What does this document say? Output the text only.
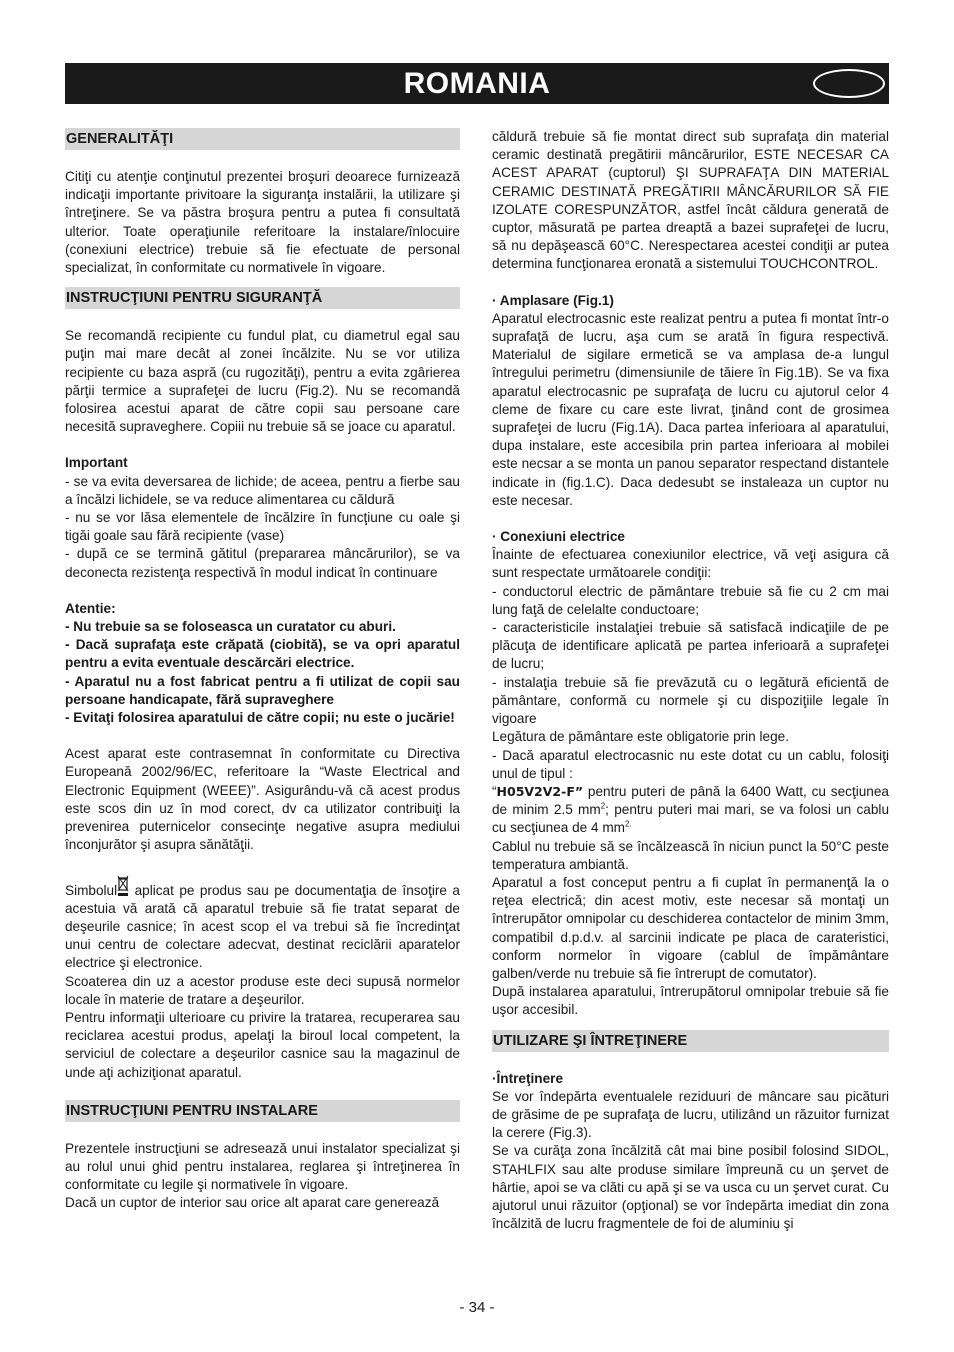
ROMANIA
GENERALITĂŢI

Citiţi cu atenţie conţinutul prezentei broşuri deoarece furnizează indicaţii importante privitoare la siguranţa instalării, la utilizare şi întreţinere. Se va păstra broşura pentru a putea fi consultată ulterior. Toate operaţiunile referitoare la instalare/înlocuire (conexiuni electrice) trebuie să fie efectuate de personal specializat, în conformitate cu normativele în vigoare.

INSTRUCŢIUNI PENTRU SIGURANŢĂ

Se recomandă recipiente cu fundul plat, cu diametrul egal sau puţin mai mare decât al zonei încălzite. Nu se vor utiliza recipiente cu baza aspră (cu rugozităţi), pentru a evita zgârierea părţii termice a suprafeţei de lucru (Fig.2). Nu se recomandă folosirea acestui aparat de către copii sau persoane care necesită supraveghere. Copiii nu trebuie să se joace cu aparatul.

Important

- se va evita deversarea de lichide; de aceea, pentru a fierbe sau a încălzi lichidele, se va reduce alimentarea cu căldură

- nu se vor lăsa elementele de încălzire în funcţiune cu oale şi tigăi goale sau fără recipiente (vase)

- după ce se termină gătitul (prepararea mâncărurilor), se va deconecta rezistenţa respectivă în modul indicat în continuare

Atentie:

- Nu trebuie sa se foloseasca un curatator cu aburi.

- Dacă suprafaţa este crăpată (ciobită), se va opri aparatul pentru a evita eventuale descărcări electrice.

- Aparatul nu a fost fabricat pentru a fi utilizat de copii sau persoane handicapate, fără supraveghere

- Evitaţi folosirea aparatului de către copii; nu este o jucărie!

Acest aparat este contrasemnat în conformitate cu Directiva Europeană 2002/96/EC, referitoare la “Waste Electrical and Electronic Equipment (WEEE)”. Asigurându-vă că acest produs este scos din uz în mod corect, dv ca utilizator contribuiţi la prevenirea puternicelor consecinţe negative asupra mediului înconjurător şi asupra sănătăţii.

Simbolul aplicat pe produs sau pe documentaţia de însoţire a acestuia vă arată că aparatul trebuie să fie tratat separat de deşeurile casnice; în acest scop el va trebui să fie încredinţat unui centru de colectare adecvat, destinat reciclării aparatelor electrice şi electronice.

Scoaterea din uz a acestor produse este deci supusă normelor locale în materie de tratare a deşeurilor.

Pentru informaţii ulterioare cu privire la tratarea, recuperarea sau reciclarea acestui produs, apelaţi la biroul local competent, la serviciul de colectare a deşeurilor casnice sau la magazinul de unde aţi achiziţionat aparatul.

INSTRUCŢIUNI PENTRU INSTALARE

Prezentele instrucţiuni se adresează unui instalator specializat şi au rolul unui ghid pentru instalarea, reglarea şi întreţinerea în conformitate cu legile şi normativele în vigoare.

Dacă un cuptor de interior sau orice alt aparat care generează

căldură trebuie să fie montat direct sub suprafaţa din material ceramic destinată pregătirii mâncărurilor, ESTE NECESAR CA ACEST APARAT (cuptorul) ŞI SUPRAFAŢA DIN MATERIAL CERAMIC DESTINATĂ PREGĂTIRII MÂNCĂRURILOR SĂ FIE IZOLATE CORESPUNZĂTOR, astfel încât căldura generată de cuptor, măsurată pe partea dreaptă a bazei suprafeţei de lucru, să nu depăşească 60°C. Nerespectarea acestei condiţii ar putea determina funcţionarea eronată a sistemului TOUCHCONTROL.

· Amplasare (Fig.1)

Aparatul electrocasnic este realizat pentru a putea fi montat într-o suprafaţă de lucru, aşa cum se arată în figura respectivă. Materialul de sigilare ermetică se va amplasa de-a lungul întregului perimetru (dimensiunile de tăiere în Fig.1B). Se va fixa aparatul electrocasnic pe suprafaţa de lucru cu ajutorul celor 4 cleme de fixare cu care este livrat, ţinând cont de grosimea suprafeţei de lucru (Fig.1A). Daca partea inferioara al aparatului, dupa instalare, este accesibila prin partea inferioara al mobilei este necsar a se monta un panou separator respectand distantele indicate in (fig.1.C). Daca dedesubt se instaleaza un cuptor nu este necesar.

· Conexiuni electrice

Înainte de efectuarea conexiunilor electrice, vă veţi asigura că sunt respectate următoarele condiţii:

- conductorul electric de pământare trebuie să fie cu 2 cm mai lung faţă de celelalte conductoare;

- caracteristicile instalaţiei trebuie să satisfacă indicaţiile de pe plăcuţa de identificare aplicată pe partea inferioară a suprafeţei de lucru;

- instalaţia trebuie să fie prevăzută cu o legătură eficientă de pământare, conformă cu normele şi cu dispoziţiile legale în vigoare

Legătura de pământare este obligatorie prin lege.

- Dacă aparatul electrocasnic nu este dotat cu un cablu, folosiţi unul de tipul :

“H05V2V2-F” pentru puteri de până la 6400 Watt, cu secţiunea de minim 2.5 $mm^2$; pentru puteri mai mari, se va folosi un cablu cu secţiunea de 4 $mm^{2.}$

Cablul nu trebuie să se încălzească în niciun punct la 50°C peste temperatura ambiantă.

Aparatul a fost conceput pentru a fi cuplat în permanenţă la o reţea electrică; din acest motiv, este necesar să montaţi un întrerupător omnipolar cu deschiderea contactelor de minim 3mm, compatibil d.p.d.v. al sarcinii indicate pe placa de carateristici, conform normelor în vigoare (cablul de împământare galben/verde nu trebuie să fie întrerupt de comutator).

După instalarea aparatului, întrerupătorul omnipolar trebuie să fie uşor accesibil.

UTILIZARE ŞI ÎNTREŢINERE

·Întreţinere

Se vor îndepărta eventualele reziduuri de mâncare sau picături de grăsime de pe suprafaţa de lucru, utilizând un răzuitor furnizat la cerere (Fig.3).

Se va curăţa zona încălzită cât mai bine posibil folosind SIDOL, STAHLFIX sau alte produse similare împreună cu un şervet de hârtie, apoi se va clăti cu apă şi se va usca cu un şervet curat. Cu ajutorul unui răzuitor (opţional) se vor îndepărta imediat din zona încălzită de lucru fragmentele de foi de aluminiu şi

- 34 -
